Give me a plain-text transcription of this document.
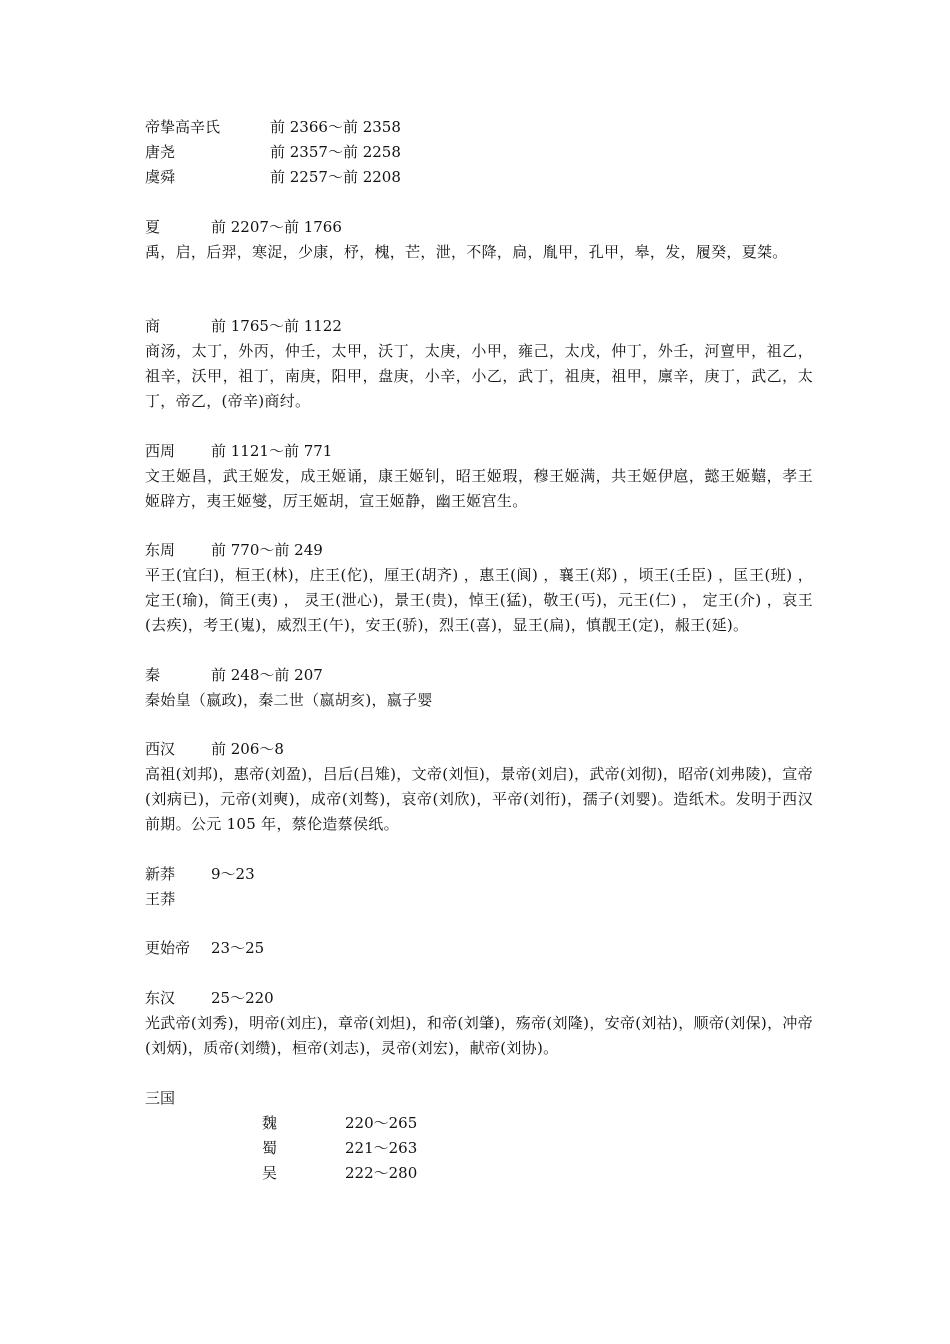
帝挚高辛氏	前 2366～前 2358
唐尧	前 2357～前 2258
虞舜	前 2257～前 2208
夏	前 2207～前 1766
禹，启，后羿，寒浞，少康，杼，槐，芒，泄，不降，扃，胤甲，孔甲，皋，发，履癸，夏桀。
商	前 1765～前 1122
商汤，太丁，外丙，仲壬，太甲，沃丁，太庚，小甲，雍己，太戊，仲丁，外壬，河亶甲，祖乙，祖辛，沃甲，祖丁，南庚，阳甲，盘庚，小辛，小乙，武丁，祖庚，祖甲，廪辛，庚丁，武乙，太丁，帝乙，(帝辛)商纣。
西周	前 1121～前 771
文王姬昌，武王姬发，成王姬诵，康王姬钊，昭王姬瑕，穆王姬满，共王姬伊扈，懿王姬囏，孝王姬辟方，夷王姬燮，厉王姬胡，宣王姬静，幽王姬宫生。
东周	前 770～前 249
平王(宜臼)，桓王(林)，庄王(佗)，厘王(胡齐) ，惠王(阆) ，襄王(郑) ，顷王(壬臣) ，匡王(班) ，定王(瑜)，简王(夷) ， 灵王(泄心)，景王(贵)，悼王(猛)，敬王(丐)，元王(仁) ， 定王(介) ，哀王(去疾)，考王(嵬)，威烈王(午)，安王(骄)，烈王(喜)，显王(扁)，慎靓王(定)，赧王(延)。
秦	前 248～前 207
秦始皇（嬴政)，秦二世（嬴胡亥)，嬴子婴
西汉	前 206～8
高祖(刘邦)，惠帝(刘盈)，吕后(吕雉)，文帝(刘恒)，景帝(刘启)，武帝(刘彻)，昭帝(刘弗陵)，宣帝(刘病已)，元帝(刘奭)，成帝(刘骜)，哀帝(刘欣)，平帝(刘衎)，孺子(刘婴)。造纸术。发明于西汉前期。公元 105 年，蔡伦造蔡侯纸。
新莽	9～23
王莽
更始帝	23～25
东汉	25～220
光武帝(刘秀)，明帝(刘庄)，章帝(刘炟)，和帝(刘肇)，殇帝(刘隆)，安帝(刘祜)，顺帝(刘保)，冲帝(刘炳)，质帝(刘缵)，桓帝(刘志)，灵帝(刘宏)，献帝(刘协)。
三国
魏	220～265
蜀	221～263
吴	222～280
